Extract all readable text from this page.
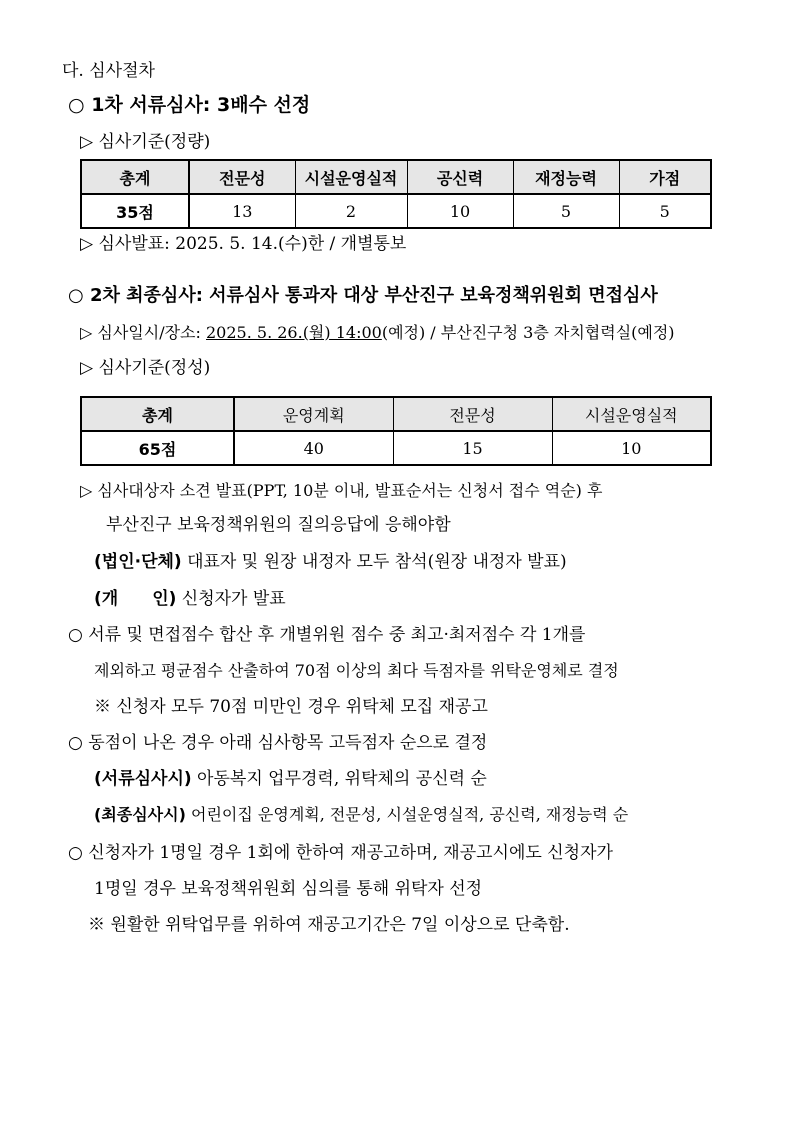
다. 심사절차
○ 1차 서류심사: 3배수 선정
▷ 심사기준(정량)
총계	전문성	시설운영실적	공신력	재정능력	가점
35점	13	2	10	5	5
▷ 심사발표: 2025. 5. 14.(수)한 / 개별통보
○ 2차 최종심사: 서류심사 통과자 대상 부산진구 보육정책위원회 면접심사
▷ 심사일시/장소: 2025. 5. 26.(월) 14:00(예정) / 부산진구청 3층 자치협력실(예정)
▷ 심사기준(정성)
총계	운영계획	전문성	시설운영실적
65점	40	15	10
▷ 심사대상자 소견 발표(PPT, 10분 이내, 발표순서는 신청서 접수 역순) 후
부산진구 보육정책위원의 질의응답에 응해야함
(법인·단체) 대표자 및 원장 내정자 모두 참석(원장 내정자 발표)
(개　　인) 신청자가 발표
○ 서류 및 면접점수 합산 후 개별위원 점수 중 최고·최저점수 각 1개를
제외하고 평균점수 산출하여 70점 이상의 최다 득점자를 위탁운영체로 결정
※ 신청자 모두 70점 미만인 경우 위탁체 모집 재공고
○ 동점이 나온 경우 아래 심사항목 고득점자 순으로 결정
(서류심사시) 아동복지 업무경력, 위탁체의 공신력 순
(최종심사시) 어린이집 운영계획, 전문성, 시설운영실적, 공신력, 재정능력 순
○ 신청자가 1명일 경우 1회에 한하여 재공고하며, 재공고시에도 신청자가
1명일 경우 보육정책위원회 심의를 통해 위탁자 선정
※ 원활한 위탁업무를 위하여 재공고기간은 7일 이상으로 단축함.
